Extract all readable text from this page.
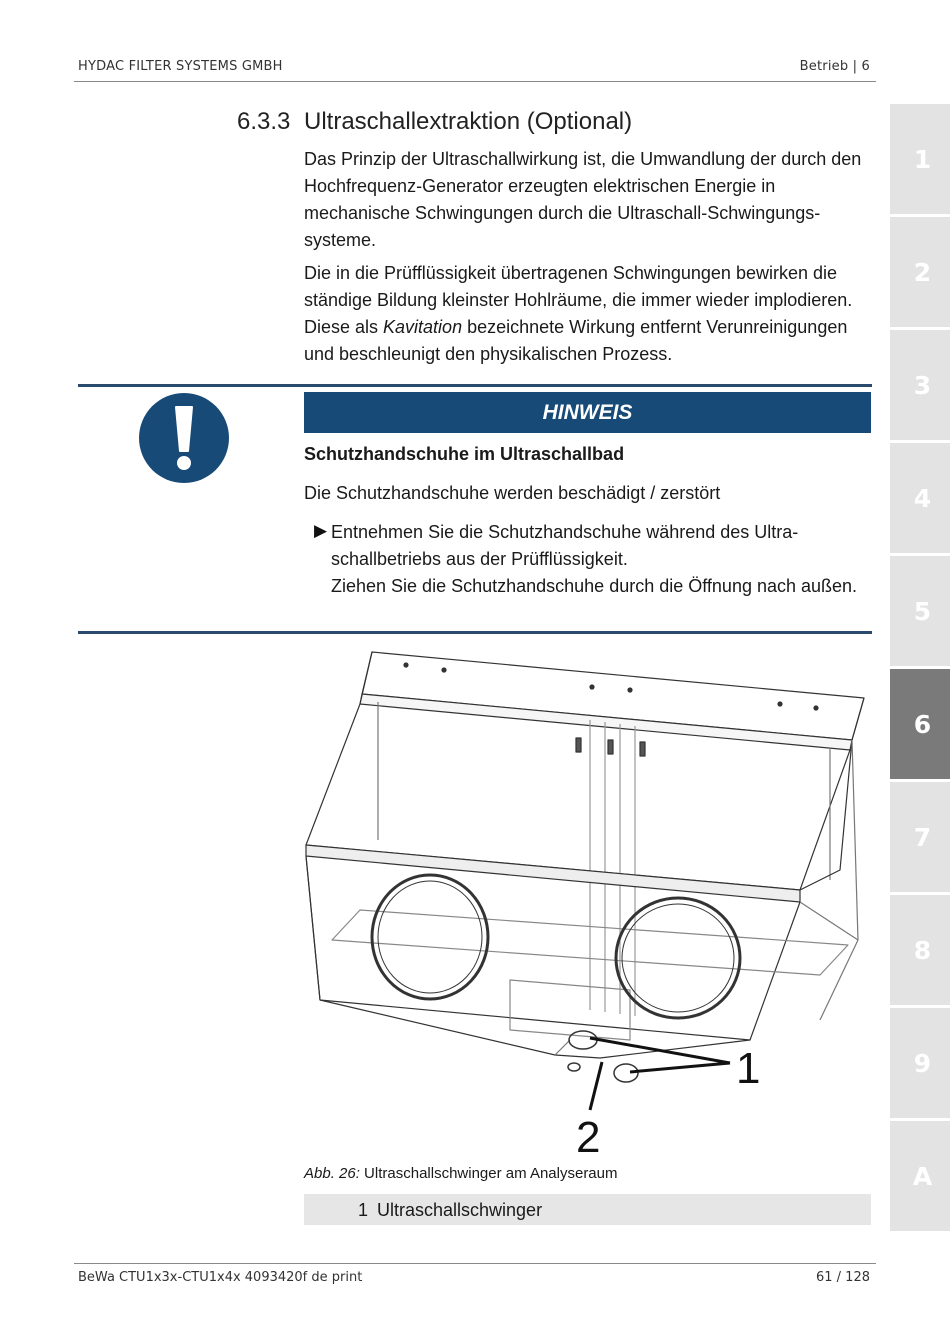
HYDAC FILTER SYSTEMS GMBH	Betrieb | 6
1
2
3
4
5
6
7
8
9
A
6.3.3 Ultraschallextraktion (Optional)
Das Prinzip der Ultraschallwirkung ist, die Umwandlung der durch den Hochfrequenz-Generator erzeugten elektrischen Energie in mechanische Schwingungen durch die Ultraschall-Schwingungssysteme.
Die in die Prüfflüssigkeit übertragenen Schwingungen bewirken die ständige Bildung kleinster Hohlräume, die immer wieder implodieren. Diese als Kavitation bezeichnete Wirkung entfernt Verunreinigungen und beschleunigt den physikalischen Prozess.
HINWEIS
Schutzhandschuhe im Ultraschallbad
Die Schutzhandschuhe werden beschädigt / zerstört
▶ Entnehmen Sie die Schutzhandschuhe während des Ultraschallbetriebs aus der Prüfflüssigkeit.
Ziehen Sie die Schutzhandschuhe durch die Öffnung nach außen.
1
2
Abb. 26: Ultraschallschwinger am Analyseraum
1 Ultraschallschwinger
BeWa CTU1x3x-CTU1x4x 4093420f de print	61 / 128
